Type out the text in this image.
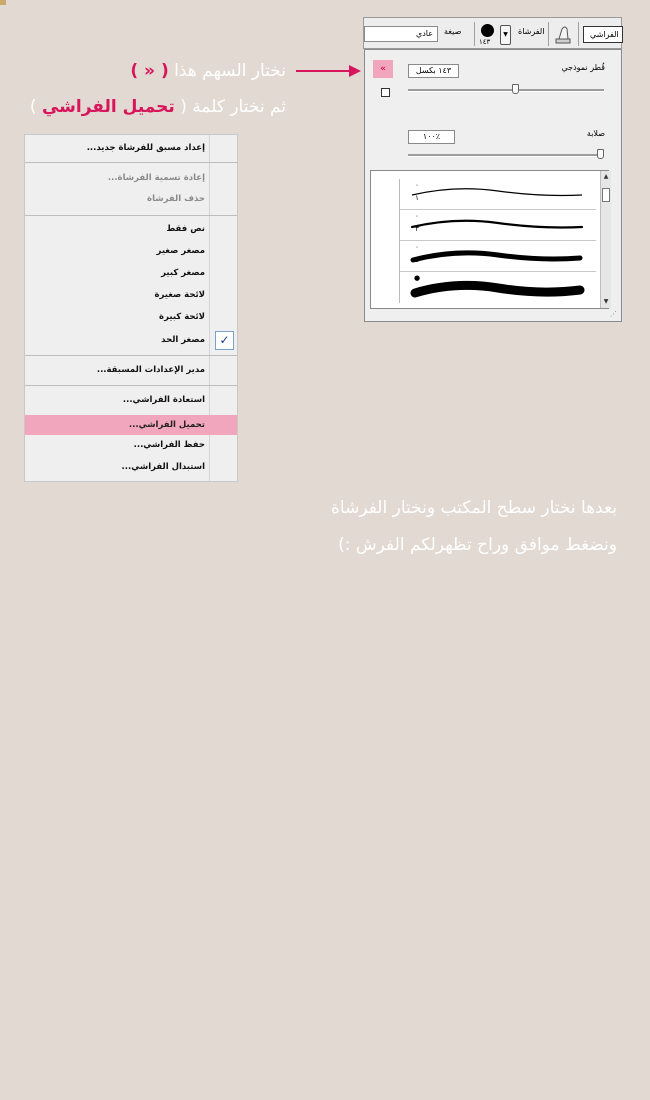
عادي	صيغة
١٤٣
▼	الفرشاة	الفراشي
«	قُطر نموذجي
١٤٣ بكسل
صلابة
١٠٠٪
٠
١
٠
٣
٠
٥
●
٩
▲
▼
⋰
نختار السهم هذا ( « )
ثم نختار كلمة ( تحميل الفراشي )
إعداد مسبق للفرشاة جديد...
إعادة تسمية الفرشاة...
حذف الفرشاة
نص فقط
مصغر صغير
مصغر كبير
لائحة صغيرة
لائحة كبيرة
مصغر الحد	✓
مدير الإعدادات المسبقة...
استعادة الفراشي...
تحميل الفراشي...
حفظ الفراشي...
استبدال الفراشي...
بعدها نختار سطح المكتب ونختار الفرشاة
ونضغط موافق وراح تظهرلكم الفرش :)
